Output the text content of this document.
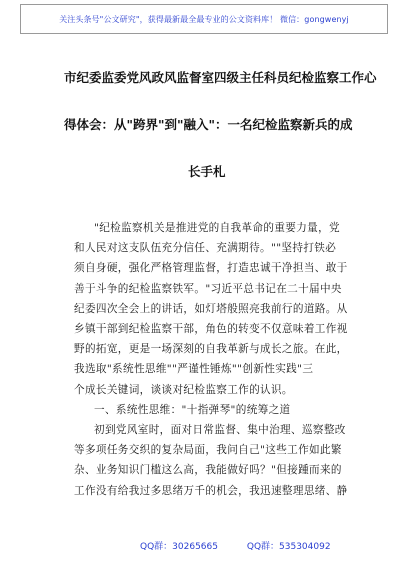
关注头条号"公文研究"，获得最新最全最专业的公文资料库！ 微信：gongwenyj
市纪委监委党风政风监督室四级主任科员纪检监察工作心
得体会：从"跨界"到"融入"：一名纪检监察新兵的成
长手札
"纪检监察机关是推进党的自我革命的重要力量，党
和人民对这支队伍充分信任、充满期待。""坚持打铁必
须自身硬，强化严格管理监督，打造忠诚干净担当、敢于
善于斗争的纪检监察铁军。"习近平总书记在二十届中央
纪委四次全会上的讲话，如灯塔般照亮我前行的道路。从
乡镇干部到纪检监察干部，角色的转变不仅意味着工作视
野的拓宽，更是一场深刻的自我革新与成长之旅。在此，
我选取"系统性思维""严谨性锤炼""创新性实践"三
个成长关键词，谈谈对纪检监察工作的认识。
一、系统性思维："十指弹琴"的统筹之道
初到党风室时，面对日常监督、集中治理、巡察整改
等多项任务交织的复杂局面，我问自己"这些工作如此繁
杂、业务知识门槛这么高，我能做好吗？"但接踵而来的
工作没有给我过多思绪万千的机会，我迅速整理思绪、静
QQ群：30265665	QQ群：535304092
